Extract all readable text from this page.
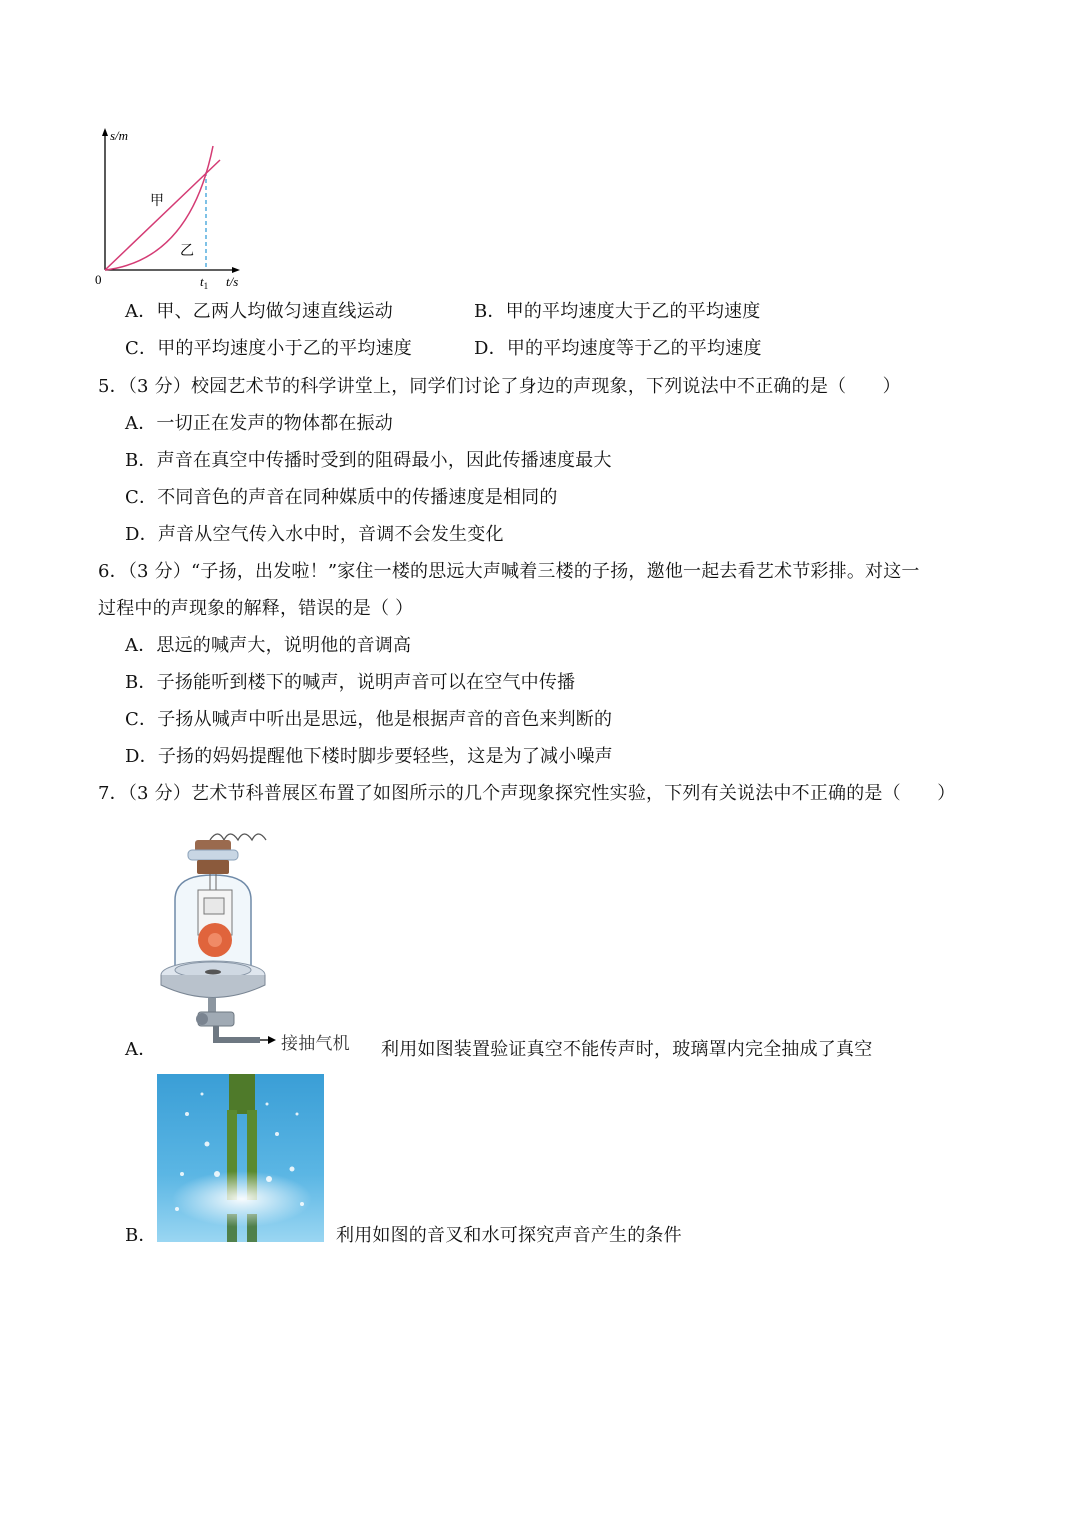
s/m
t/s
0	$t_1$
甲
乙
A．甲、乙两人均做匀速直线运动	B．甲的平均速度大于乙的平均速度
C．甲的平均速度小于乙的平均速度	D．甲的平均速度等于乙的平均速度
5．（3 分）校园艺术节的科学讲堂上，同学们讨论了身边的声现象，下列说法中不正确的是（　　）
A．一切正在发声的物体都在振动
B．声音在真空中传播时受到的阻碍最小，因此传播速度最大
C．不同音色的声音在同种媒质中的传播速度是相同的
D．声音从空气传入水中时，音调不会发生变化
6．（3 分）“子扬，出发啦！”家住一楼的思远大声喊着三楼的子扬，邀他一起去看艺术节彩排。对这一
过程中的声现象的解释，错误的是（ ）
A．思远的喊声大，说明他的音调高
B．子扬能听到楼下的喊声，说明声音可以在空气中传播
C．子扬从喊声中听出是思远，他是根据声音的音色来判断的
D．子扬的妈妈提醒他下楼时脚步要轻些，这是为了减小噪声
7．（3 分）艺术节科普展区布置了如图所示的几个声现象探究性实验，下列有关说法中不正确的是（　　）
接抽气机
A．	利用如图装置验证真空不能传声时，玻璃罩内完全抽成了真空
B．	利用如图的音叉和水可探究声音产生的条件
